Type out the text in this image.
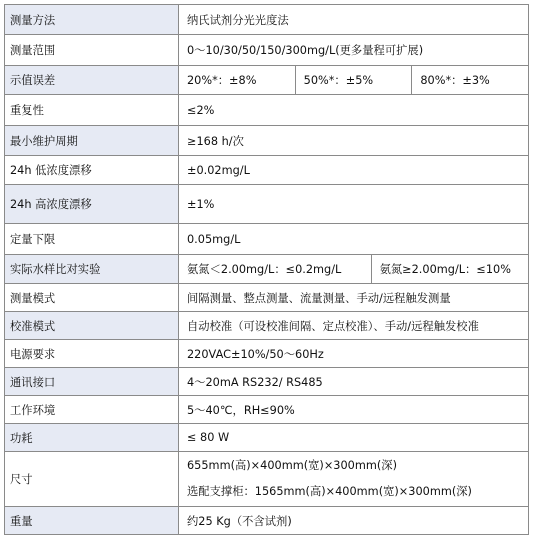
测量方法	纳氏试剂分光光度法
测量范围	0～10/30/50/150/300mg/L(更多量程可扩展)
示值误差	20%*：±8% 50%*：±5% 80%*：±3%

重复性	≤2%
最小维护周期	≥168 h/次
24h 低浓度漂移	±0.02mg/L
24h 高浓度漂移	±1%
定量下限	0.05mg/L
实际水样比对实验	氨氮＜2.00mg/L：≤0.2mg/L 氨氮≥2.00mg/L：≤10%

测量模式	间隔测量、整点测量、流量测量、手动/远程触发测量
校准模式	自动校准（可设校准间隔、定点校准）、手动/远程触发校准
电源要求	220VAC±10%/50～60Hz
通讯接口	4～20mA RS232/ RS485
工作环境	5～40℃，RH≤90%
功耗	≤ 80 W
尺寸	655mm(高)×400mm(宽)×300mm(深)
选配支撑柜：1565mm(高)×400mm(宽)×300mm(深)

重量	约25 Kg（不含试剂)
